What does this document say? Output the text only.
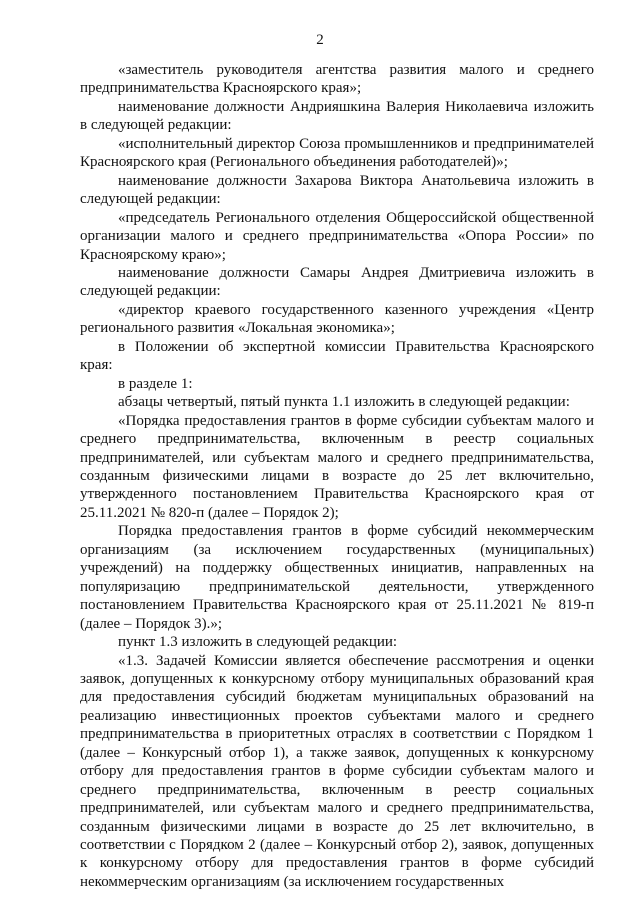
2

«заместитель руководителя агентства развития малого и среднего предпринимательства Красноярского края»;

наименование должности Андрияшкина Валерия Николаевича изложить в следующей редакции:

«исполнительный директор Союза промышленников и предпринимателей Красноярского края (Регионального объединения работодателей)»;

наименование должности Захарова Виктора Анатольевича изложить в следующей редакции:

«председатель Регионального отделения Общероссийской общественной организации малого и среднего предпринимательства «Опора России» по Красноярскому краю»;

наименование должности Самары Андрея Дмитриевича изложить в следующей редакции:

«директор краевого государственного казенного учреждения «Центр регионального развития «Локальная экономика»;

в Положении об экспертной комиссии Правительства Красноярского края:

в разделе 1:

абзацы четвертый, пятый пункта 1.1 изложить в следующей редакции:

«Порядка предоставления грантов в форме субсидии субъектам малого и среднего предпринимательства, включенным в реестр социальных предпринимателей, или субъектам малого и среднего предпринимательства, созданным физическими лицами в возрасте до 25 лет включительно, утвержденного постановлением Правительства Красноярского края от 25.11.2021 № 820-п (далее – Порядок 2);

Порядка предоставления грантов в форме субсидий некоммерческим организациям (за исключением государственных (муниципальных) учреждений) на поддержку общественных инициатив, направленных на популяризацию предпринимательской деятельности, утвержденного постановлением Правительства Красноярского края от 25.11.2021 № 819-п (далее – Порядок 3).»;

пункт 1.3 изложить в следующей редакции:

«1.3. Задачей Комиссии является обеспечение рассмотрения и оценки заявок, допущенных к конкурсному отбору муниципальных образований края для предоставления субсидий бюджетам муниципальных образований на реализацию инвестиционных проектов субъектами малого и среднего предпринимательства в приоритетных отраслях в соответствии с Порядком 1 (далее – Конкурсный отбор 1), а также заявок, допущенных к конкурсному отбору для предоставления грантов в форме субсидии субъектам малого и среднего предпринимательства, включенным в реестр социальных предпринимателей, или субъектам малого и среднего предпринимательства, созданным физическими лицами в возрасте до 25 лет включительно, в соответствии с Порядком 2 (далее – Конкурсный отбор 2), заявок, допущенных к конкурсному отбору для предоставления грантов в форме субсидий некоммерческим организациям (за исключением государственных
